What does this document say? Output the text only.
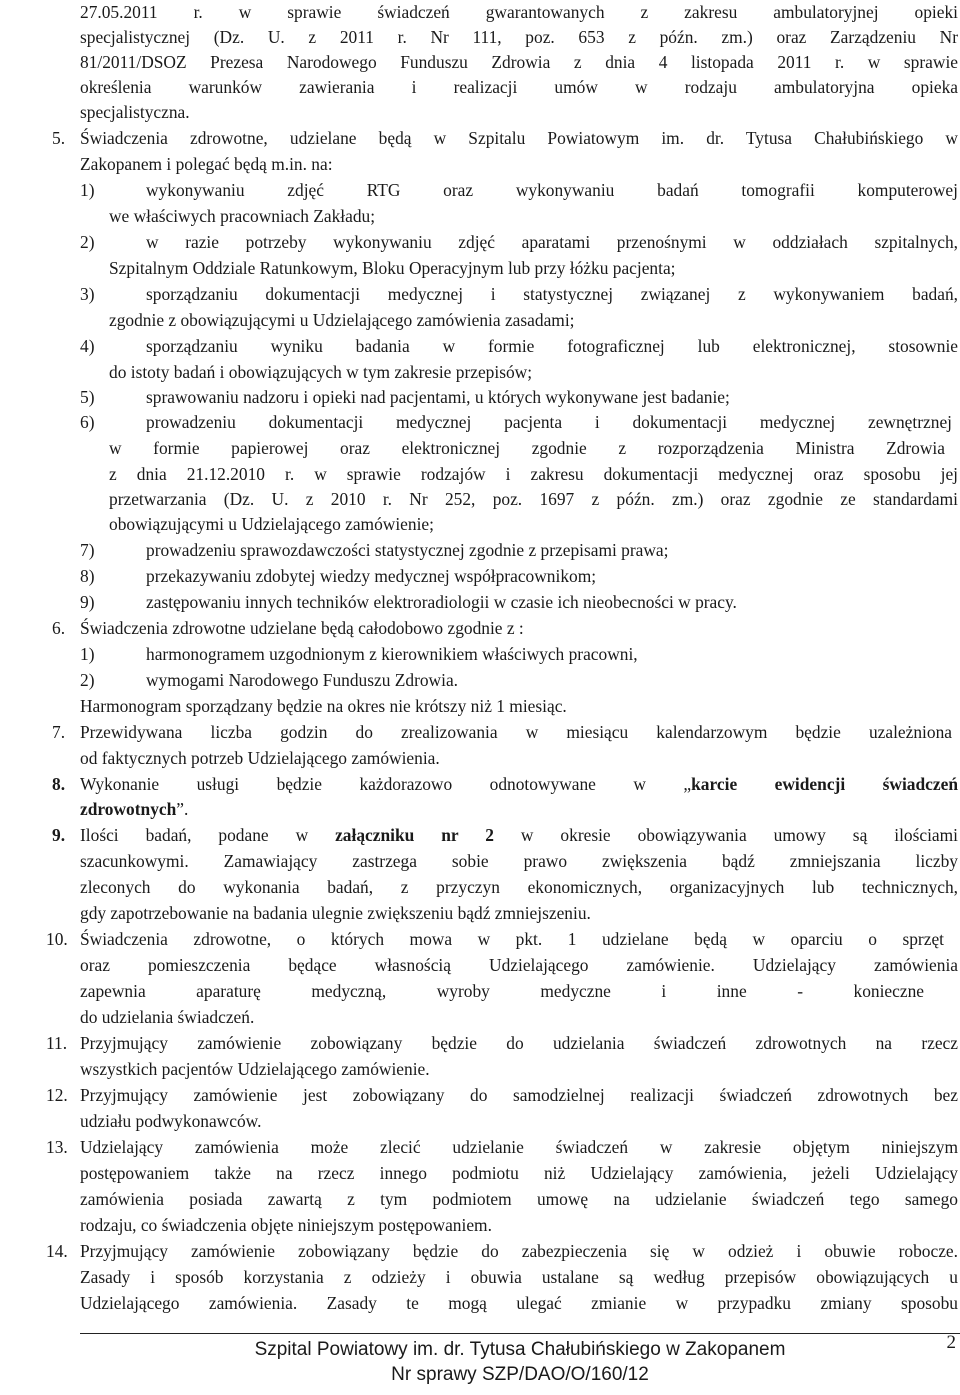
27.05.2011 r. w sprawie świadczeń gwarantowanych z zakresu ambulatoryjnej opieki
specjalistycznej (Dz. U. z 2011 r. Nr 111, poz. 653 z późn. zm.) oraz Zarządzeniu Nr
81/2011/DSOZ Prezesa Narodowego Funduszu Zdrowia z dnia 4 listopada 2011 r. w sprawie
określenia warunków zawierania i realizacji umów w rodzaju ambulatoryjna opieka
specjalistyczna.
5. Świadczenia zdrowotne, udzielane będą w Szpitalu Powiatowym im. dr. Tytusa Chałubińskiego w
Zakopanem i polegać będą m.in. na:
1)	wykonywaniu zdjęć RTG oraz wykonywaniu badań tomografii komputerowej
we właściwych pracowniach Zakładu;
2)	w razie potrzeby wykonywaniu zdjęć aparatami przenośnymi w oddziałach szpitalnych,
Szpitalnym Oddziale Ratunkowym, Bloku Operacyjnym lub przy łóżku pacjenta;
3)	sporządzaniu dokumentacji medycznej i statystycznej związanej z wykonywaniem badań,
zgodnie z obowiązującymi u Udzielającego zamówienia zasadami;
4)	sporządzaniu wyniku badania w formie fotograficznej lub elektronicznej, stosownie
do istoty badań i obowiązujących w tym zakresie przepisów;
5)	sprawowaniu nadzoru i opieki nad pacjentami, u których wykonywane jest badanie;
6)	prowadzeniu dokumentacji medycznej pacjenta i dokumentacji medycznej zewnętrznej
w formie papierowej oraz elektronicznej zgodnie z rozporządzenia Ministra Zdrowia
z dnia 21.12.2010 r. w sprawie rodzajów i zakresu dokumentacji medycznej oraz sposobu jej
przetwarzania (Dz. U. z 2010 r. Nr 252, poz. 1697 z późn. zm.) oraz zgodnie ze standardami
obowiązującymi u Udzielającego zamówienie;
7)	prowadzeniu sprawozdawczości statystycznej zgodnie z przepisami prawa;
8)	przekazywaniu zdobytej wiedzy medycznej współpracownikom;
9)	zastępowaniu innych techników elektroradiologii w czasie ich nieobecności w pracy.
6. Świadczenia zdrowotne udzielane będą całodobowo zgodnie z :
1)	harmonogramem uzgodnionym z kierownikiem właściwych pracowni,
2)	wymogami Narodowego Funduszu Zdrowia.
Harmonogram sporządzany będzie na okres nie krótszy niż 1 miesiąc.
7. Przewidywana liczba godzin do zrealizowania w miesiącu kalendarzowym będzie uzależniona
od faktycznych potrzeb Udzielającego zamówienia.
8. Wykonanie usługi będzie każdorazowo odnotowywane w „karcie ewidencji świadczeń
zdrowotnych”.
9. Ilości badań, podane w załączniku nr 2 w okresie obowiązywania umowy są ilościami
szacunkowymi. Zamawiający zastrzega sobie prawo zwiększenia bądź zmniejszania liczby
zleconych do wykonania badań, z przyczyn ekonomicznych, organizacyjnych lub technicznych,
gdy zapotrzebowanie na badania ulegnie zwiększeniu bądź zmniejszeniu.
10. Świadczenia zdrowotne, o których mowa w pkt. 1 udzielane będą w oparciu o sprzęt
oraz pomieszczenia będące własnością Udzielającego zamówienie. Udzielający zamówienia
zapewnia aparaturę medyczną, wyroby medyczne i inne - konieczne
do udzielania świadczeń.
11. Przyjmujący zamówienie zobowiązany będzie do udzielania świadczeń zdrowotnych na rzecz
wszystkich pacjentów Udzielającego zamówienie.
12. Przyjmujący zamówienie jest zobowiązany do samodzielnej realizacji świadczeń zdrowotnych bez
udziału podwykonawców.
13. Udzielający zamówienia może zlecić udzielanie świadczeń w zakresie objętym niniejszym
postępowaniem także na rzecz innego podmiotu niż Udzielający zamówienia, jeżeli Udzielający
zamówienia posiada zawartą z tym podmiotem umowę na udzielanie świadczeń tego samego
rodzaju, co świadczenia objęte niniejszym postępowaniem.
14. Przyjmujący zamówienie zobowiązany będzie do zabezpieczenia się w odzież i obuwie robocze.
Zasady i sposób korzystania z odzieży i obuwia ustalane są według przepisów obowiązujących u
Udzielającego zamówienia. Zasady te mogą ulegać zmianie w przypadku zmiany sposobu
Szpital Powiatowy im. dr. Tytusa Chałubińskiego w Zakopanem
Nr sprawy SZP/DAO/O/160/12
2
